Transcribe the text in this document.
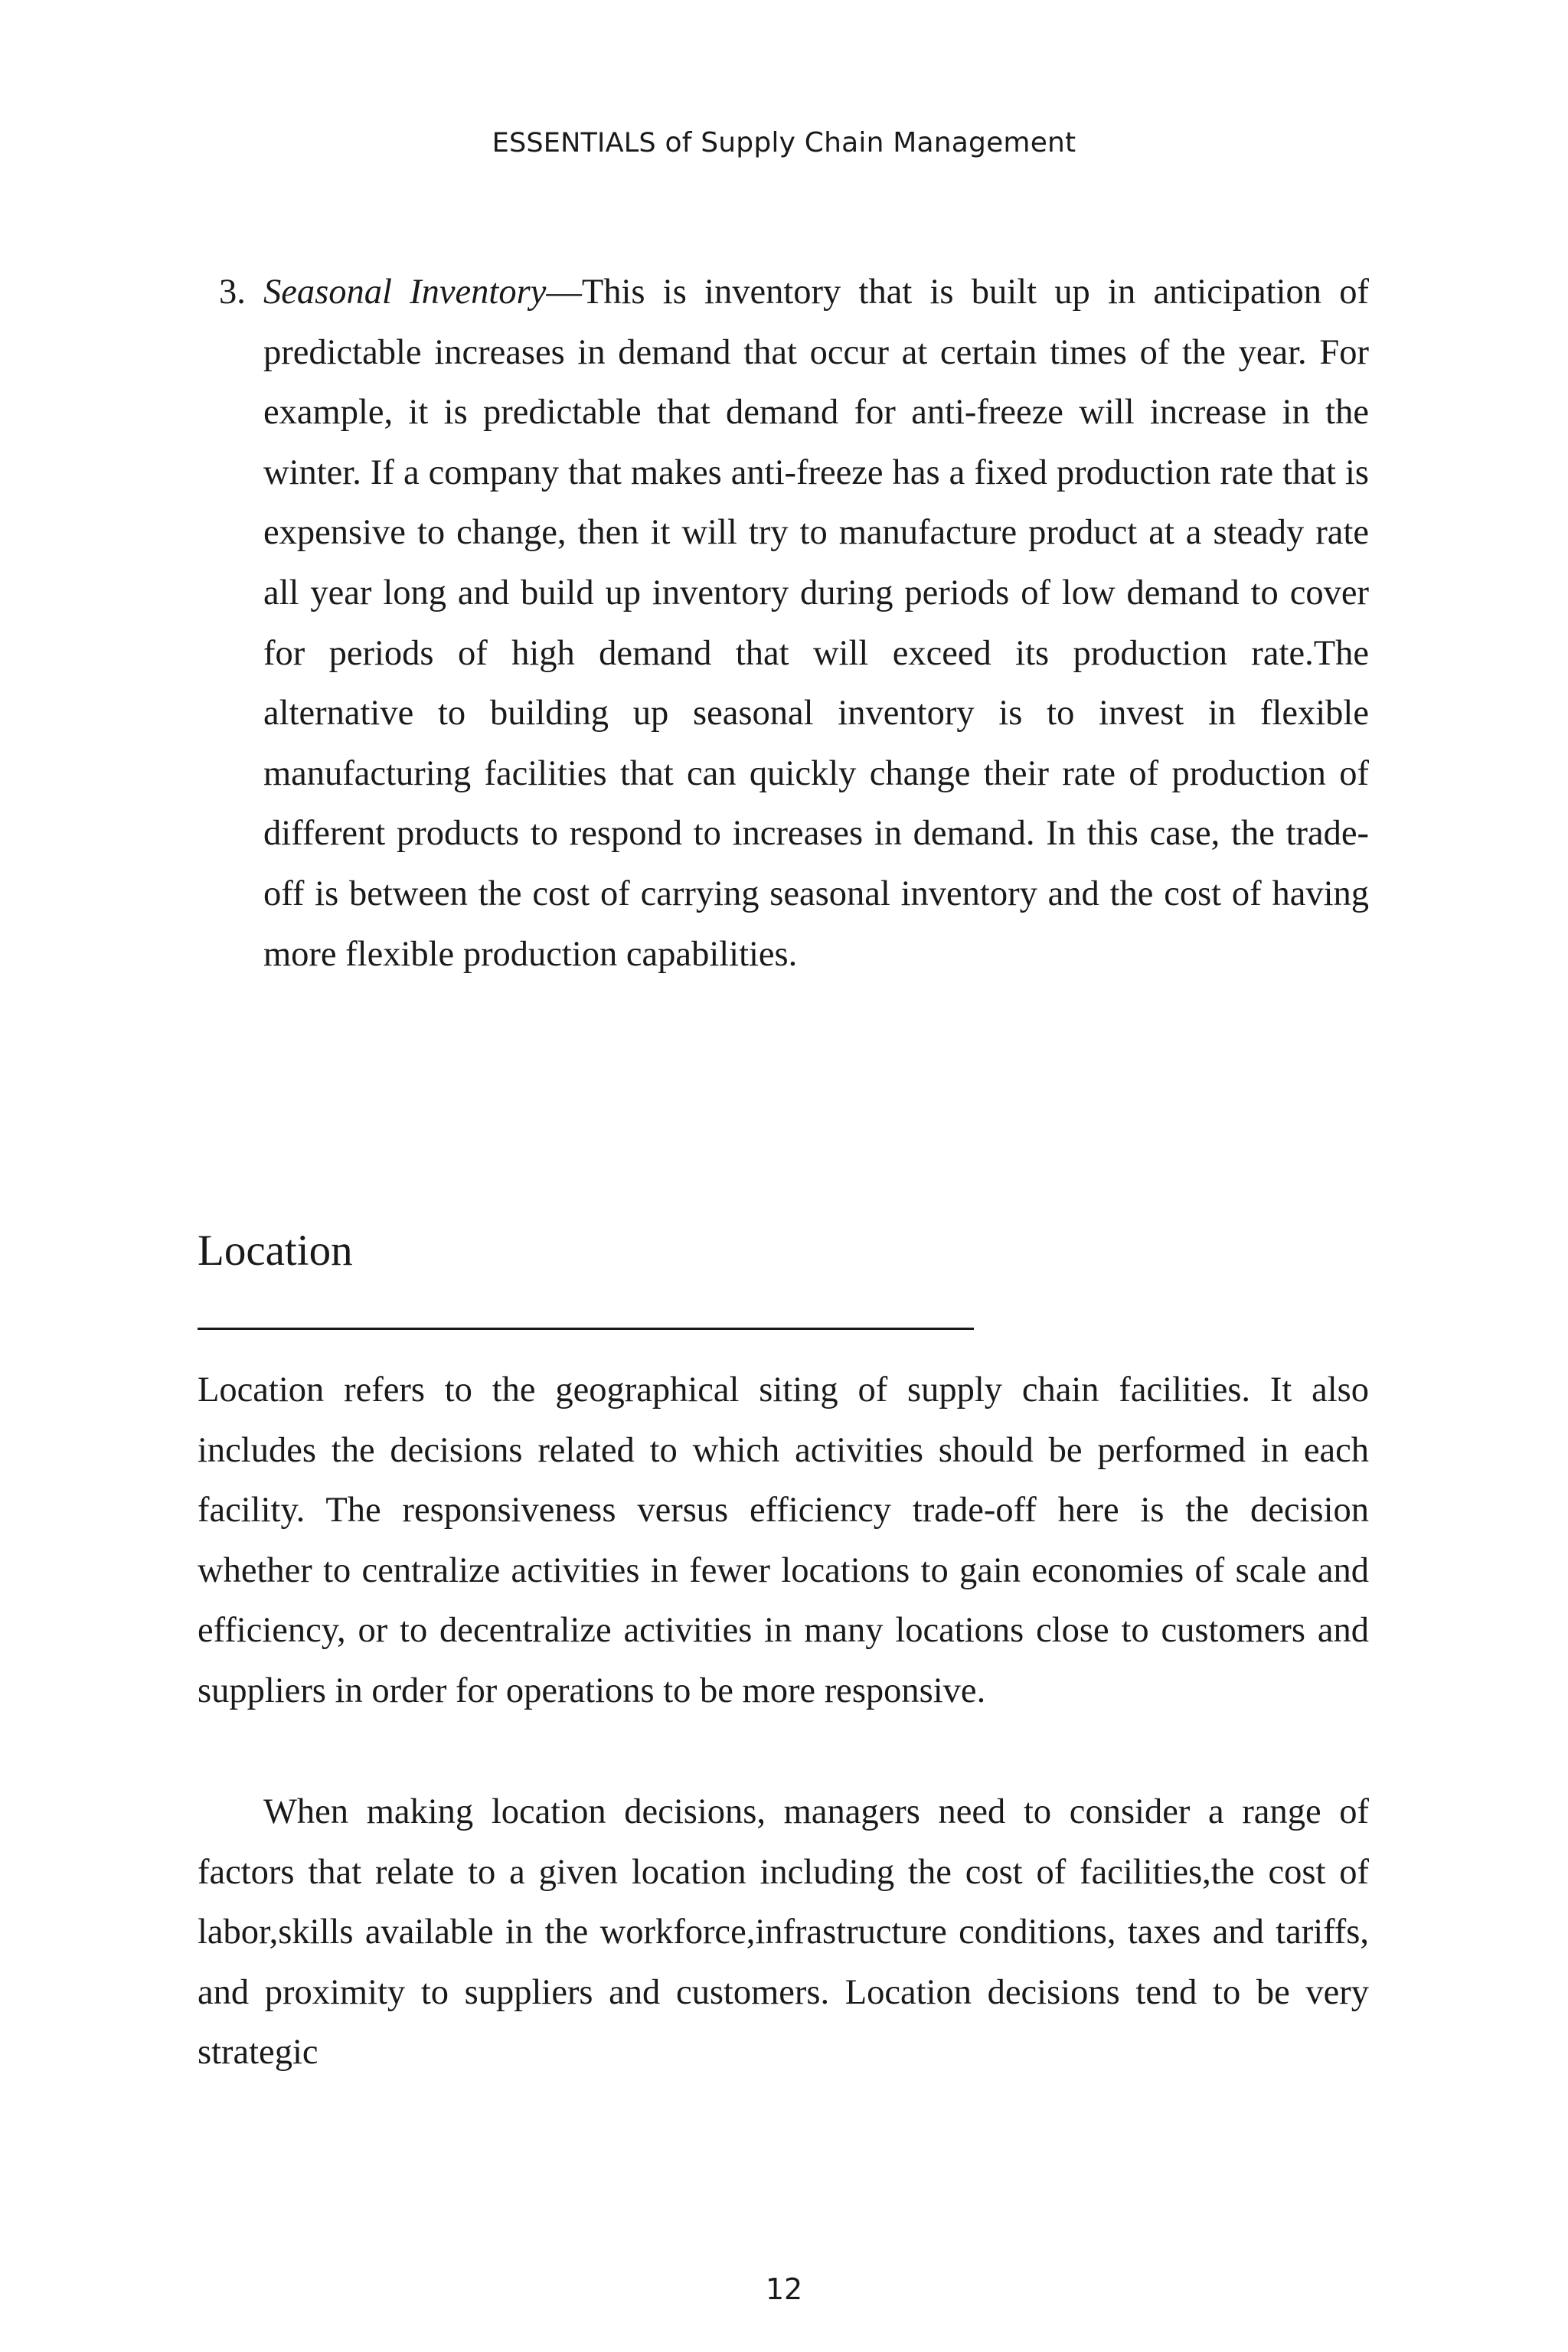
ESSENTIALS of Supply Chain Management
3. Seasonal Inventory—This is inventory that is built up in anticipation of predictable increases in demand that occur at certain times of the year. For example, it is predictable that demand for anti-freeze will increase in the winter. If a company that makes anti-freeze has a fixed production rate that is expensive to change, then it will try to manufacture product at a steady rate all year long and build up inventory during periods of low demand to cover for periods of high demand that will exceed its production rate.The alternative to building up seasonal inventory is to invest in flexible manufacturing facilities that can quickly change their rate of production of different products to respond to increases in demand. In this case, the trade-off is between the cost of carrying seasonal inventory and the cost of having more flexible production capabilities.
Location

Location refers to the geographical siting of supply chain facilities. It also includes the decisions related to which activities should be performed in each facility. The responsiveness versus efficiency trade-off here is the decision whether to centralize activities in fewer locations to gain economies of scale and efficiency, or to decentralize activities in many locations close to customers and suppliers in order for operations to be more responsive.

When making location decisions, managers need to consider a range of factors that relate to a given location including the cost of facilities,the cost of labor,skills available in the workforce,infrastructure conditions, taxes and tariffs, and proximity to suppliers and customers. Location decisions tend to be very strategic

12
